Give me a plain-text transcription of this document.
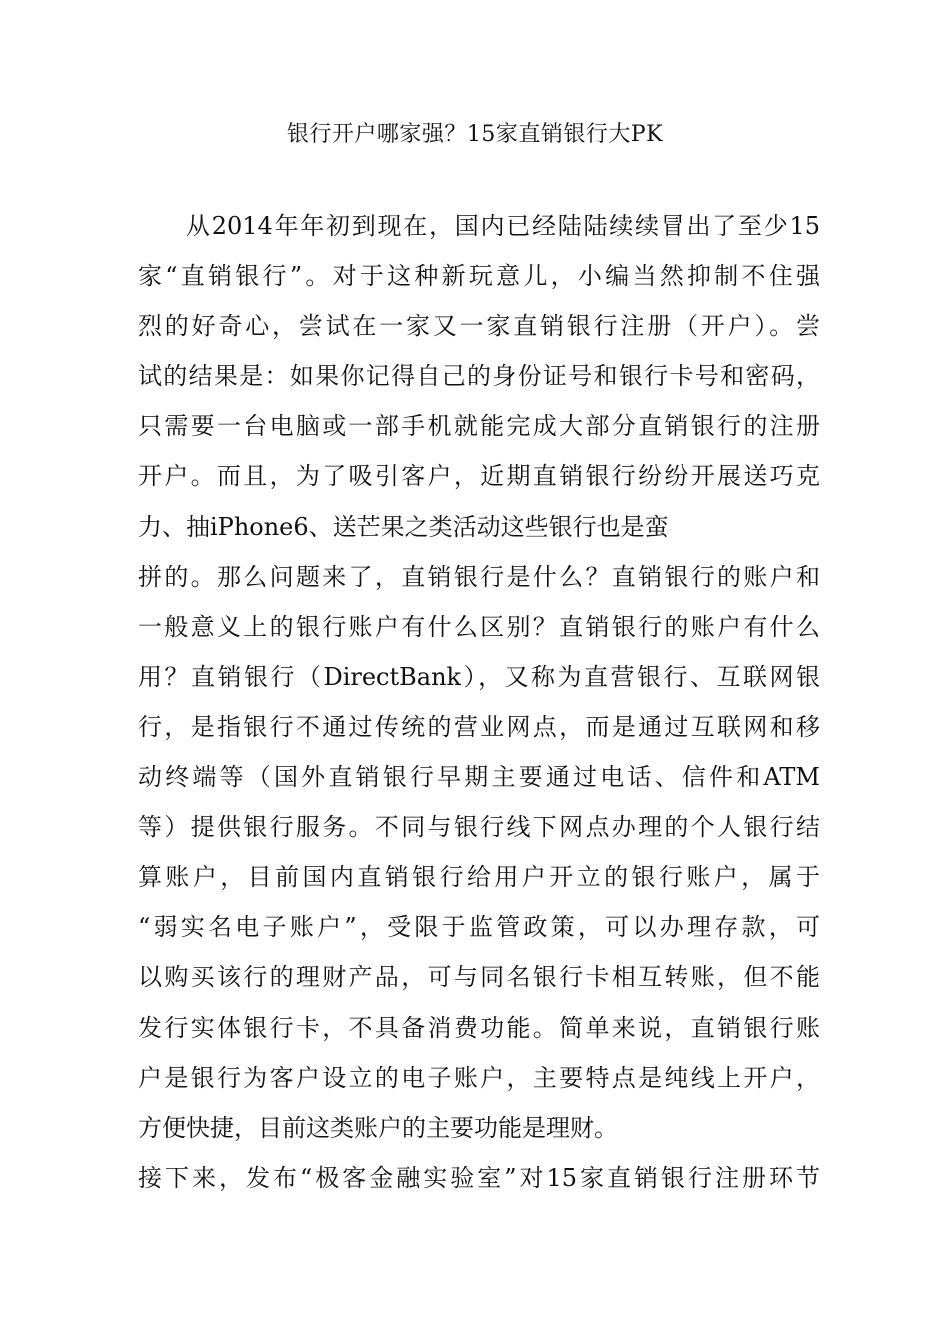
银行开户哪家强？15家直销银行大PK
从2014年年初到现在，国内已经陆陆续续冒出了至少15
家“直销银行”。对于这种新玩意儿，小编当然抑制不住强
烈的好奇心，尝试在一家又一家直销银行注册（开户）。尝
试的结果是：如果你记得自己的身份证号和银行卡号和密码，
只需要一台电脑或一部手机就能完成大部分直销银行的注册
开户。而且，为了吸引客户，近期直销银行纷纷开展送巧克
力、抽iPhone6、送芒果之类活动这些银行也是蛮
拼的。那么问题来了，直销银行是什么？直销银行的账户和
一般意义上的银行账户有什么区别？直销银行的账户有什么
用？直销银行（DirectBank），又称为直营银行、互联网银
行，是指银行不通过传统的营业网点，而是通过互联网和移
动终端等（国外直销银行早期主要通过电话、信件和ATM
等）提供银行服务。不同与银行线下网点办理的个人银行结
算账户，目前国内直销银行给用户开立的银行账户，属于
“弱实名电子账户”，受限于监管政策，可以办理存款，可
以购买该行的理财产品，可与同名银行卡相互转账，但不能
发行实体银行卡，不具备消费功能。简单来说，直销银行账
户是银行为客户设立的电子账户，主要特点是纯线上开户，
方便快捷，目前这类账户的主要功能是理财。
接下来，发布“极客金融实验室”对15家直销银行注册环节
